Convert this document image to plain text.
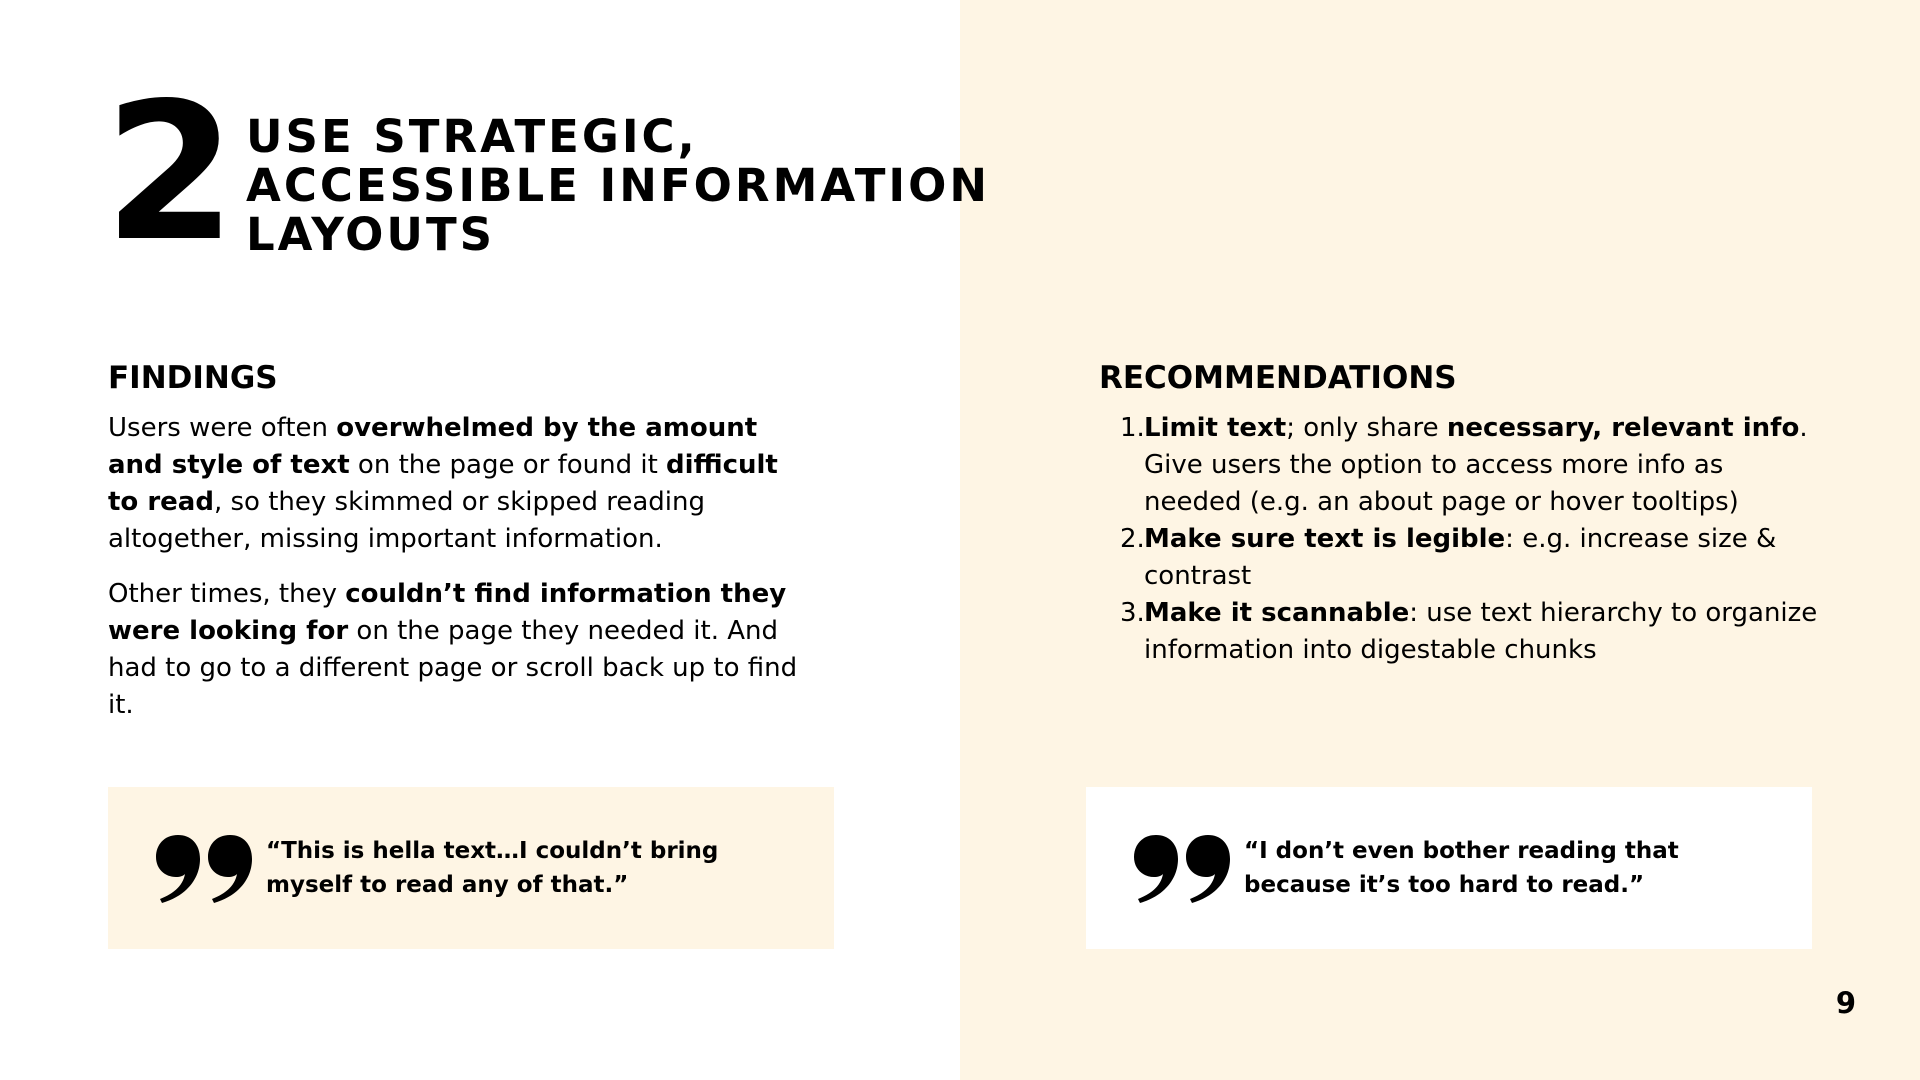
2 USE STRATEGIC,
ACCESSIBLE INFORMATION
LAYOUTS
FINDINGS

Users were often overwhelmed by the amount and style of text on the page or found it difficult to read, so they skimmed or skipped reading altogether, missing important information.

Other times, they couldn’t find information they were looking for on the page they needed it. And had to go to a different page or scroll back up to find it.

RECOMMENDATIONS
1. Limit text; only share necessary, relevant info. Give users the option to access more info as needed (e.g. an about page or hover tooltips)
2. Make sure text is legible: e.g. increase size & contrast
3. Make it scannable: use text hierarchy to organize information into digestable chunks
“This is hella text…I couldn’t bring myself to read any of that.”
“I don’t even bother reading that because it’s too hard to read.”
9
